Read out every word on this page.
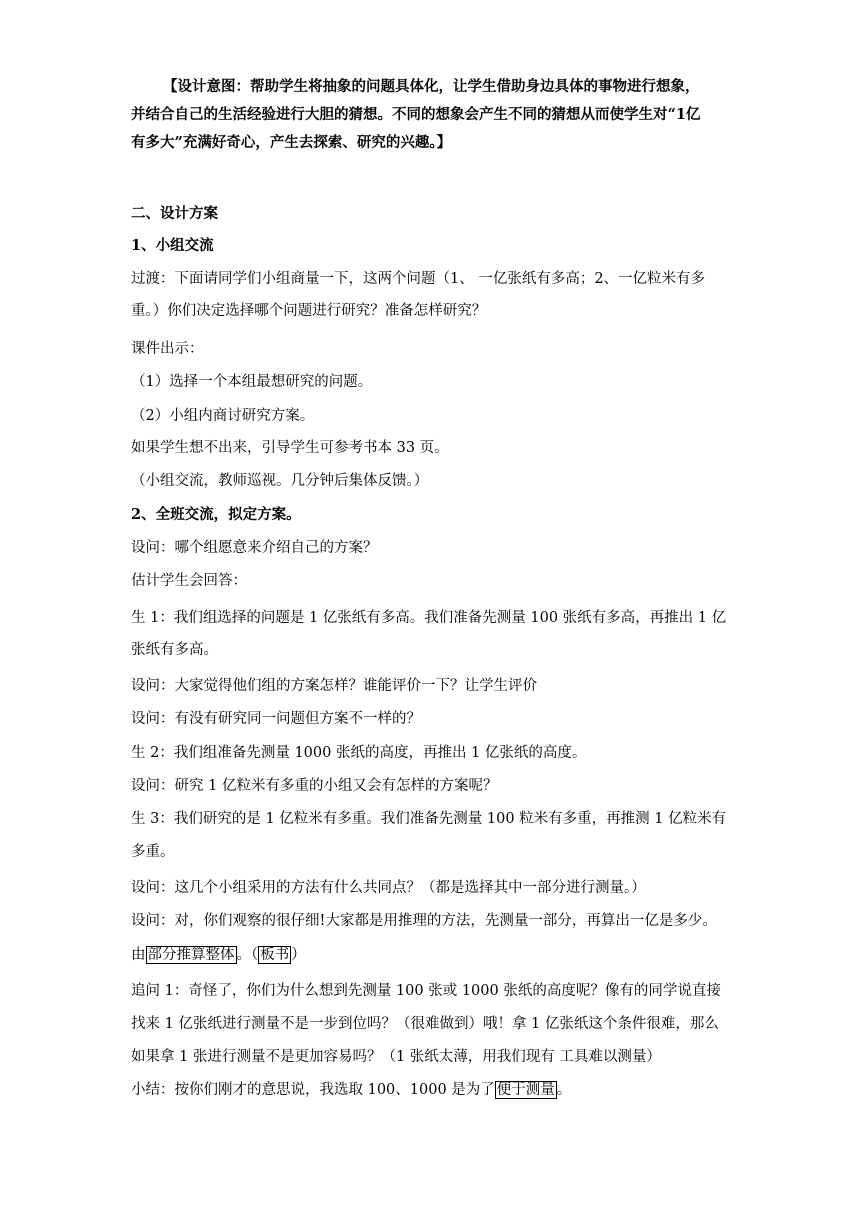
【设计意图：帮助学生将抽象的问题具体化，让学生借助身边具体的事物进行想象，
并结合自己的生活经验进行大胆的猜想。不同的想象会产生不同的猜想从而使学生对“1亿
有多大”充满好奇心，产生去探索、研究的兴趣。】
二、设计方案
1、小组交流
过渡：下面请同学们小组商量一下，这两个问题（1、 一亿张纸有多高；2、一亿粒米有多
重。）你们决定选择哪个问题进行研究？准备怎样研究？
课件出示：
（1）选择一个本组最想研究的问题。
（2）小组内商讨研究方案。
如果学生想不出来，引导学生可参考书本 33 页。
（小组交流，教师巡视。几分钟后集体反馈。）
2、全班交流，拟定方案。
设问：哪个组愿意来介绍自己的方案？
估计学生会回答：
生 1：我们组选择的问题是 1 亿张纸有多高。我们准备先测量 100 张纸有多高，再推出 1 亿
张纸有多高。
设问：大家觉得他们组的方案怎样？谁能评价一下？让学生评价
设问：有没有研究同一问题但方案不一样的？
生 2：我们组准备先测量 1000 张纸的高度，再推出 1 亿张纸的高度。
设问：研究 1 亿粒米有多重的小组又会有怎样的方案呢？
生 3：我们研究的是 1 亿粒米有多重。我们准备先测量 100 粒米有多重，再推测 1 亿粒米有
多重。
设问：这几个小组采用的方法有什么共同点？（都是选择其中一部分进行测量。）
设问：对，你们观察的很仔细!大家都是用推理的方法，先测量一部分，再算出一亿是多少。
由 部分推算整体 。（ 板书 ）
追问 1：奇怪了，你们为什么想到先测量 100 张或 1000 张纸的高度呢？像有的同学说直接
找来 1 亿张纸进行测量不是一步到位吗？（很难做到）哦！拿 1 亿张纸这个条件很难，那么
如果拿 1 张进行测量不是更加容易吗？（1 张纸太薄，用我们现有 工具难以测量）
小结：按你们刚才的意思说，我选取 100、1000 是为了 便于测量 。
